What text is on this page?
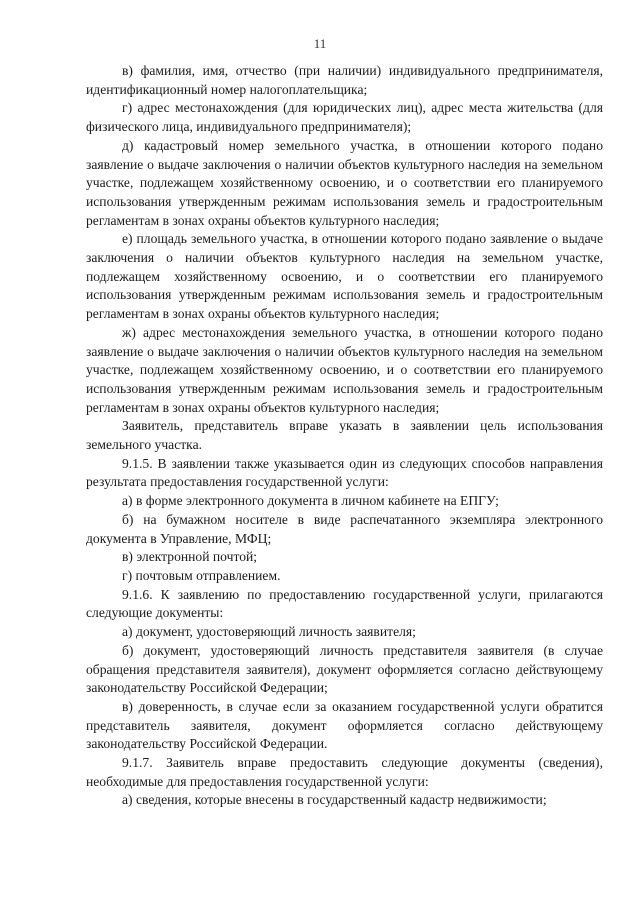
11

в) фамилия, имя, отчество (при наличии) индивидуального предпринимателя, идентификационный номер налогоплательщика;

г) адрес местонахождения (для юридических лиц), адрес места жительства (для физического лица, индивидуального предпринимателя);

д) кадастровый номер земельного участка, в отношении которого подано заявление о выдаче заключения о наличии объектов культурного наследия на земельном участке, подлежащем хозяйственному освоению, и о соответствии его планируемого использования утвержденным режимам использования земель и градостроительным регламентам в зонах охраны объектов культурного наследия;

е) площадь земельного участка, в отношении которого подано заявление о выдаче заключения о наличии объектов культурного наследия на земельном участке, подлежащем хозяйственному освоению, и о соответствии его планируемого использования утвержденным режимам использования земель и градостроительным регламентам в зонах охраны объектов культурного наследия;

ж) адрес местонахождения земельного участка, в отношении которого подано заявление о выдаче заключения о наличии объектов культурного наследия на земельном участке, подлежащем хозяйственному освоению, и о соответствии его планируемого использования утвержденным режимам использования земель и градостроительным регламентам в зонах охраны объектов культурного наследия;

Заявитель, представитель вправе указать в заявлении цель использования земельного участка.

9.1.5. В заявлении также указывается один из следующих способов направления результата предоставления государственной услуги:

а) в форме электронного документа в личном кабинете на ЕПГУ;

б) на бумажном носителе в виде распечатанного экземпляра электронного документа в Управление, МФЦ;

в) электронной почтой;

г) почтовым отправлением.

9.1.6. К заявлению по предоставлению государственной услуги, прилагаются следующие документы:

а) документ, удостоверяющий личность заявителя;

б) документ, удостоверяющий личность представителя заявителя (в случае обращения представителя заявителя), документ оформляется согласно действующему законодательству Российской Федерации;

в) доверенность, в случае если за оказанием государственной услуги обратится представитель заявителя, документ оформляется согласно действующему законодательству Российской Федерации.

9.1.7. Заявитель вправе предоставить следующие документы (сведения), необходимые для предоставления государственной услуги:

а) сведения, которые внесены в государственный кадастр недвижимости;
